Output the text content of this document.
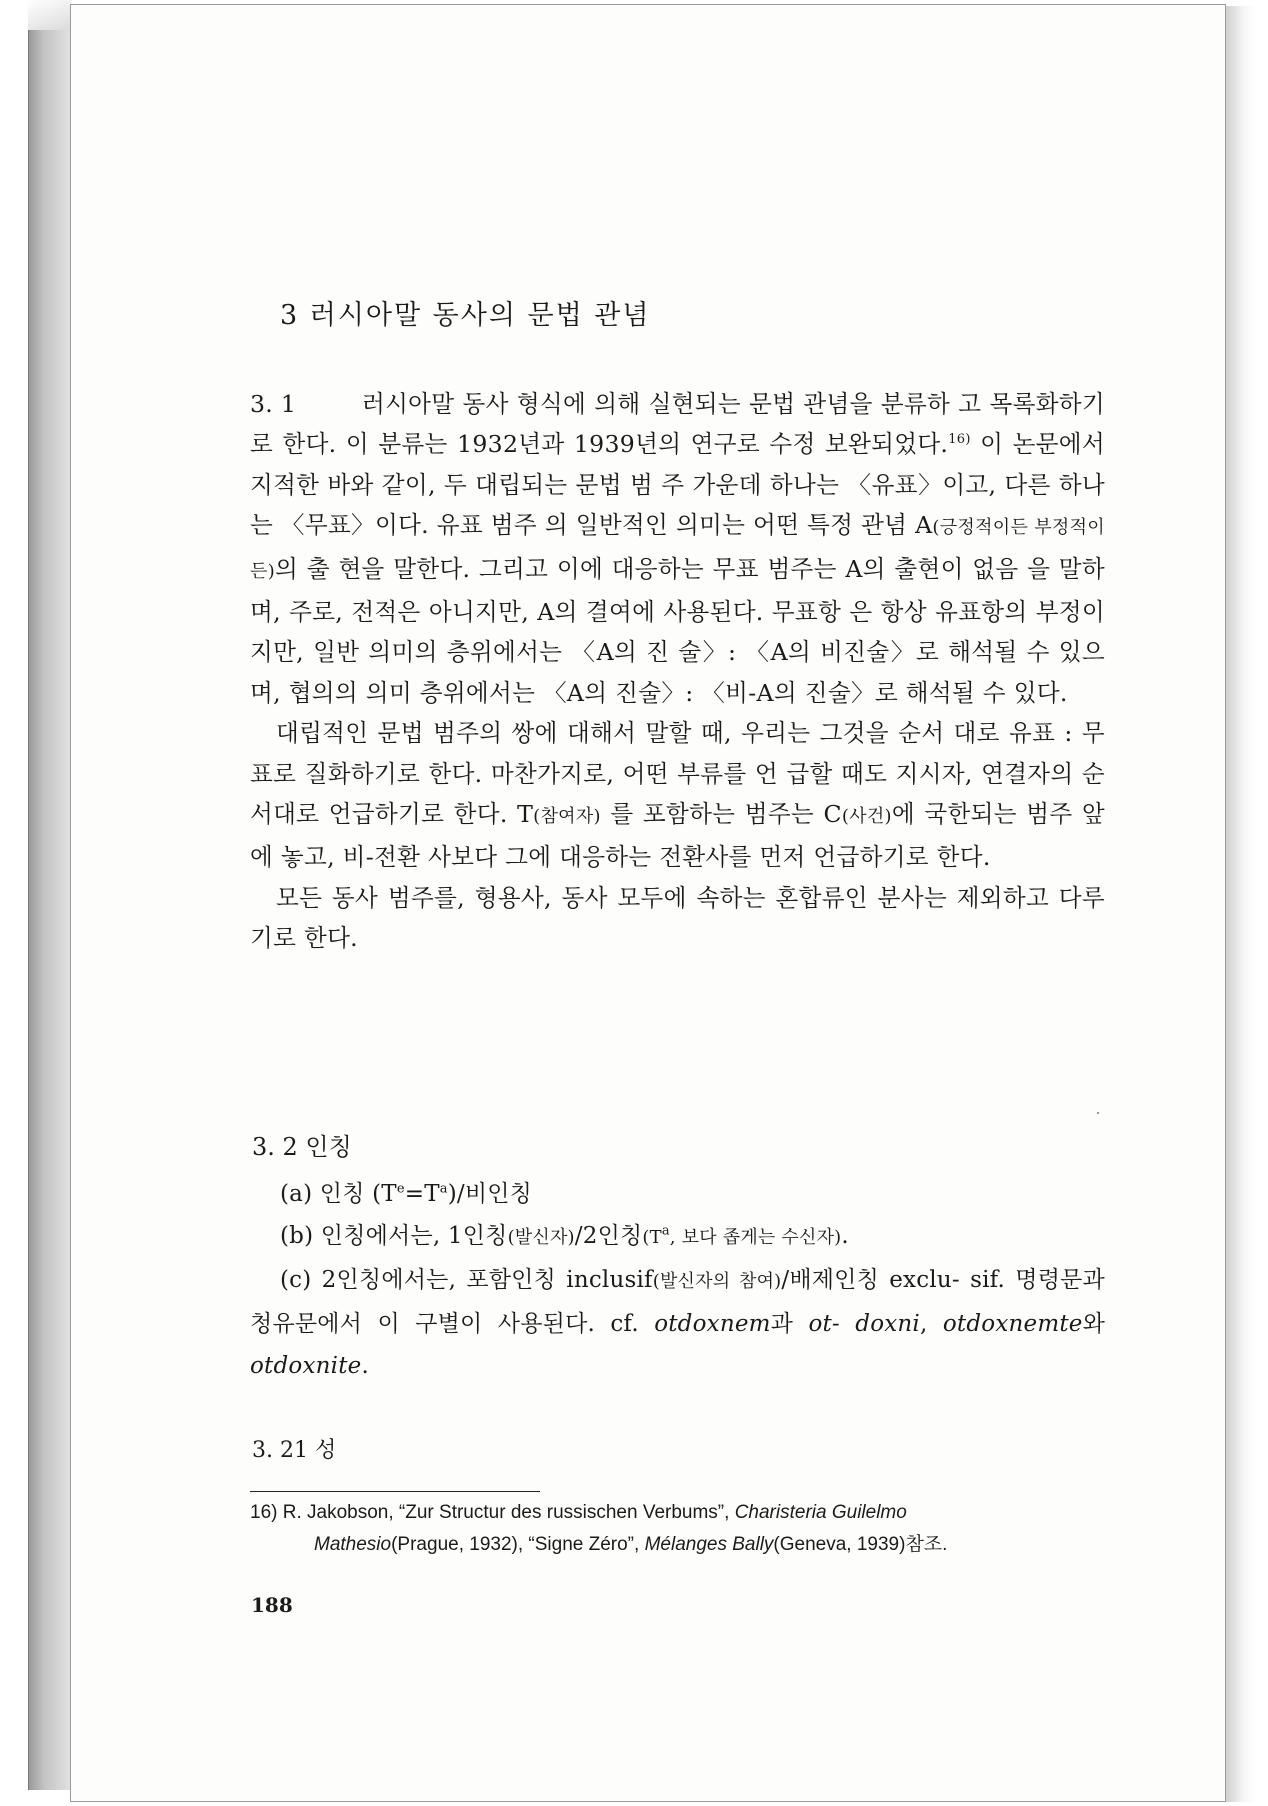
3 러시아말 동사의 문법 관념

3. 1	러시아말 동사 형식에 의해 실현되는 문법 관념을 분류하 고 목록화하기로 한다. 이 분류는 1932년과 1939년의 연구로 수정 보완되었다.$^{16)}$ 이 논문에서 지적한 바와 같이, 두 대립되는 문법 범 주 가운데 하나는 〈유표〉이고, 다른 하나는 〈무표〉이다. 유표 범주 의 일반적인 의미는 어떤 특정 관념 A(긍정적이든 부정적이든)의 출 현을 말한다. 그리고 이에 대응하는 무표 범주는 A의 출현이 없음 을 말하며, 주로, 전적은 아니지만, A의 결여에 사용된다. 무표항 은 항상 유표항의 부정이지만, 일반 의미의 층위에서는 〈A의 진 술〉: 〈A의 비진술〉로 해석될 수 있으며, 협의의 의미 층위에서는 〈A의 진술〉: 〈비-A의 진술〉로 해석될 수 있다.

대립적인 문법 범주의 쌍에 대해서 말할 때, 우리는 그것을 순서 대로 유표 : 무표로 질화하기로 한다. 마찬가지로, 어떤 부류를 언 급할 때도 지시자, 연결자의 순서대로 언급하기로 한다. T(참여자) 를 포함하는 범주는 C(사건)에 국한되는 범주 앞에 놓고, 비-전환 사보다 그에 대응하는 전환사를 먼저 언급하기로 한다.

모든 동사 범주를, 형용사, 동사 모두에 속하는 혼합류인 분사는 제외하고 다루기로 한다.

3. 2 인칭

(a) 인칭 $(T^e=T^a)/$비인칭

(b) 인칭에서는, 1인칭(발신자)/2인칭($T^a$, 보다 좁게는 수신자).

(c) 2인칭에서는, 포함인칭 inclusif(발신자의 참여)/배제인칭 exclu- sif. 명령문과 청유문에서 이 구별이 사용된다. cf. otdoxnem과 ot- doxni, otdoxnemte와 otdoxnite.

3. 21 성

16) R. Jakobson, “Zur Structur des russischen Verbums”, Charisteria Guilelmo

Mathesio(Prague, 1932), “Signe Zéro”, Mélanges Bally(Geneva, 1939)참조.

188
